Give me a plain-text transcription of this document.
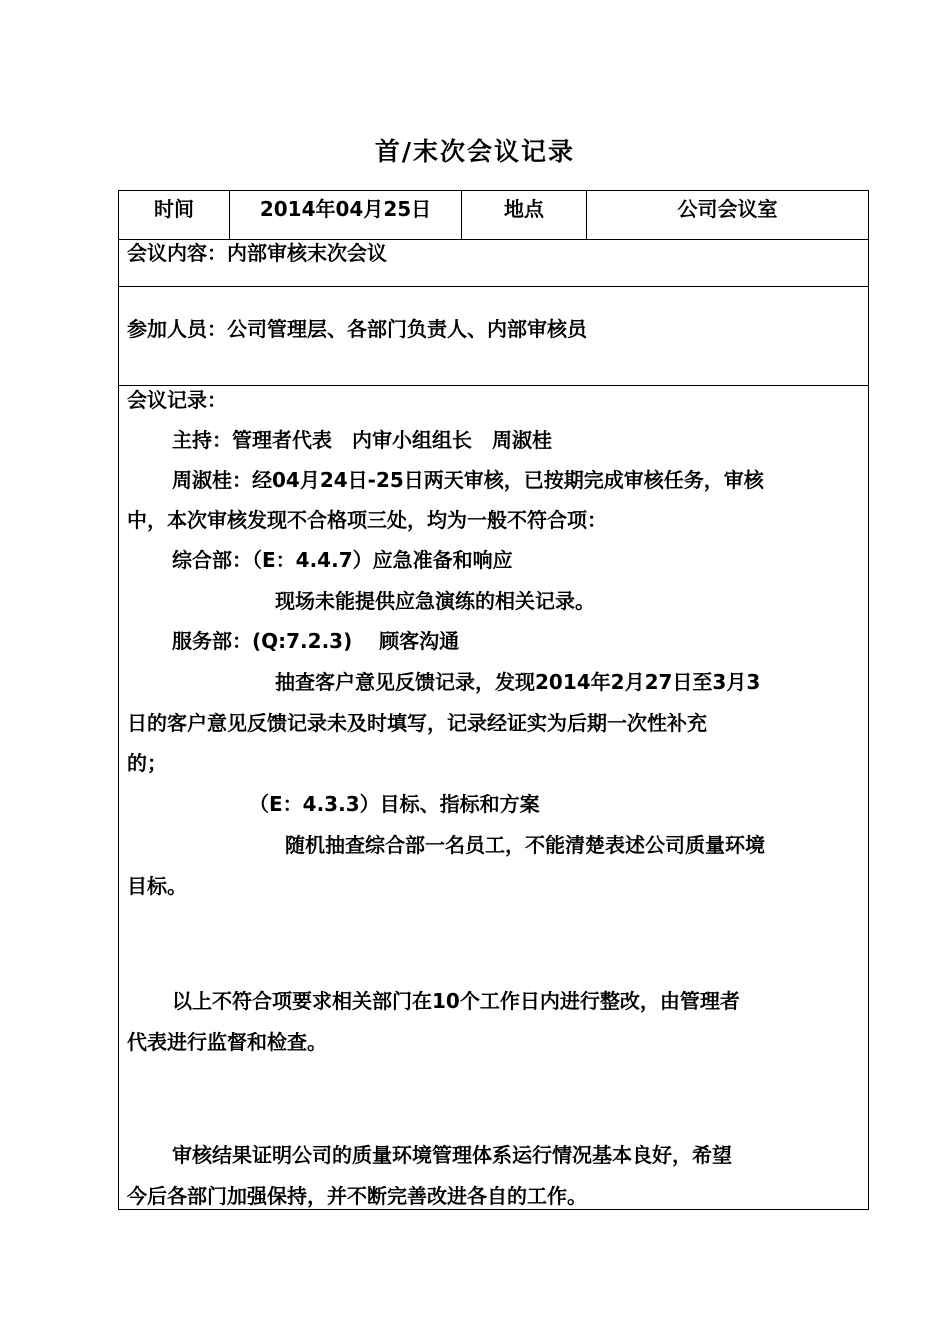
首/末次会议记录
时间	2014年04月25日	地点	公司会议室
会议内容：内部审核末次会议
参加人员：公司管理层、各部门负责人、内部审核员
会议记录：
主持：管理者代表　内审小组组长　周淑桂
周淑桂：经04月24日-25日两天审核，已按期完成审核任务，审核
中，本次审核发现不合格项三处，均为一般不符合项：
综合部：（E：4.4.7）应急准备和响应
现场未能提供应急演练的相关记录。
服务部：(Q:7.2.3)　 顾客沟通
抽查客户意见反馈记录，发现2014年2月27日至3月3
日的客户意见反馈记录未及时填写，记录经证实为后期一次性补充
的；
（E：4.3.3）目标、指标和方案
随机抽查综合部一名员工，不能清楚表述公司质量环境
目标。
以上不符合项要求相关部门在10个工作日内进行整改，由管理者
代表进行监督和检查。
审核结果证明公司的质量环境管理体系运行情况基本良好，希望
今后各部门加强保持，并不断完善改进各自的工作。
